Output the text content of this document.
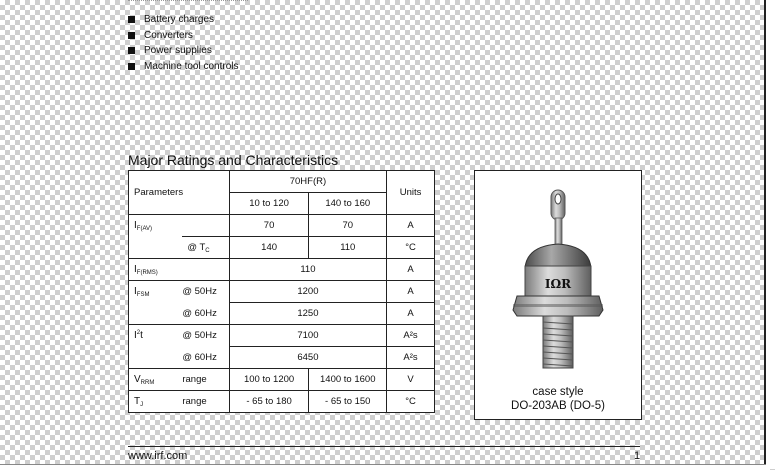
Battery charges
Converters
Power supplies
Machine tool controls
Major Ratings and Characteristics
Parameters		70HF(R)		Units
		10 to 120	140 to 160	
$I_{F(AV)}$		70	70	A
	@ $T_C$	140	110	°C
$I_{F(RMS)}$		110		A
$I_{FSM}$	@ 50Hz	1200		A
	@ 60Hz	1250		A
$I^2t$	@ 50Hz	7100		A²s
	@ 60Hz	6450		A²s
$V_{RRM}$	range	100 to 1200	1400 to 1600	V
$T_J$	range	- 65 to 180	- 65 to 150	°C
IΩR
case style
DO-203AB (DO-5)
www.irf.com	1
